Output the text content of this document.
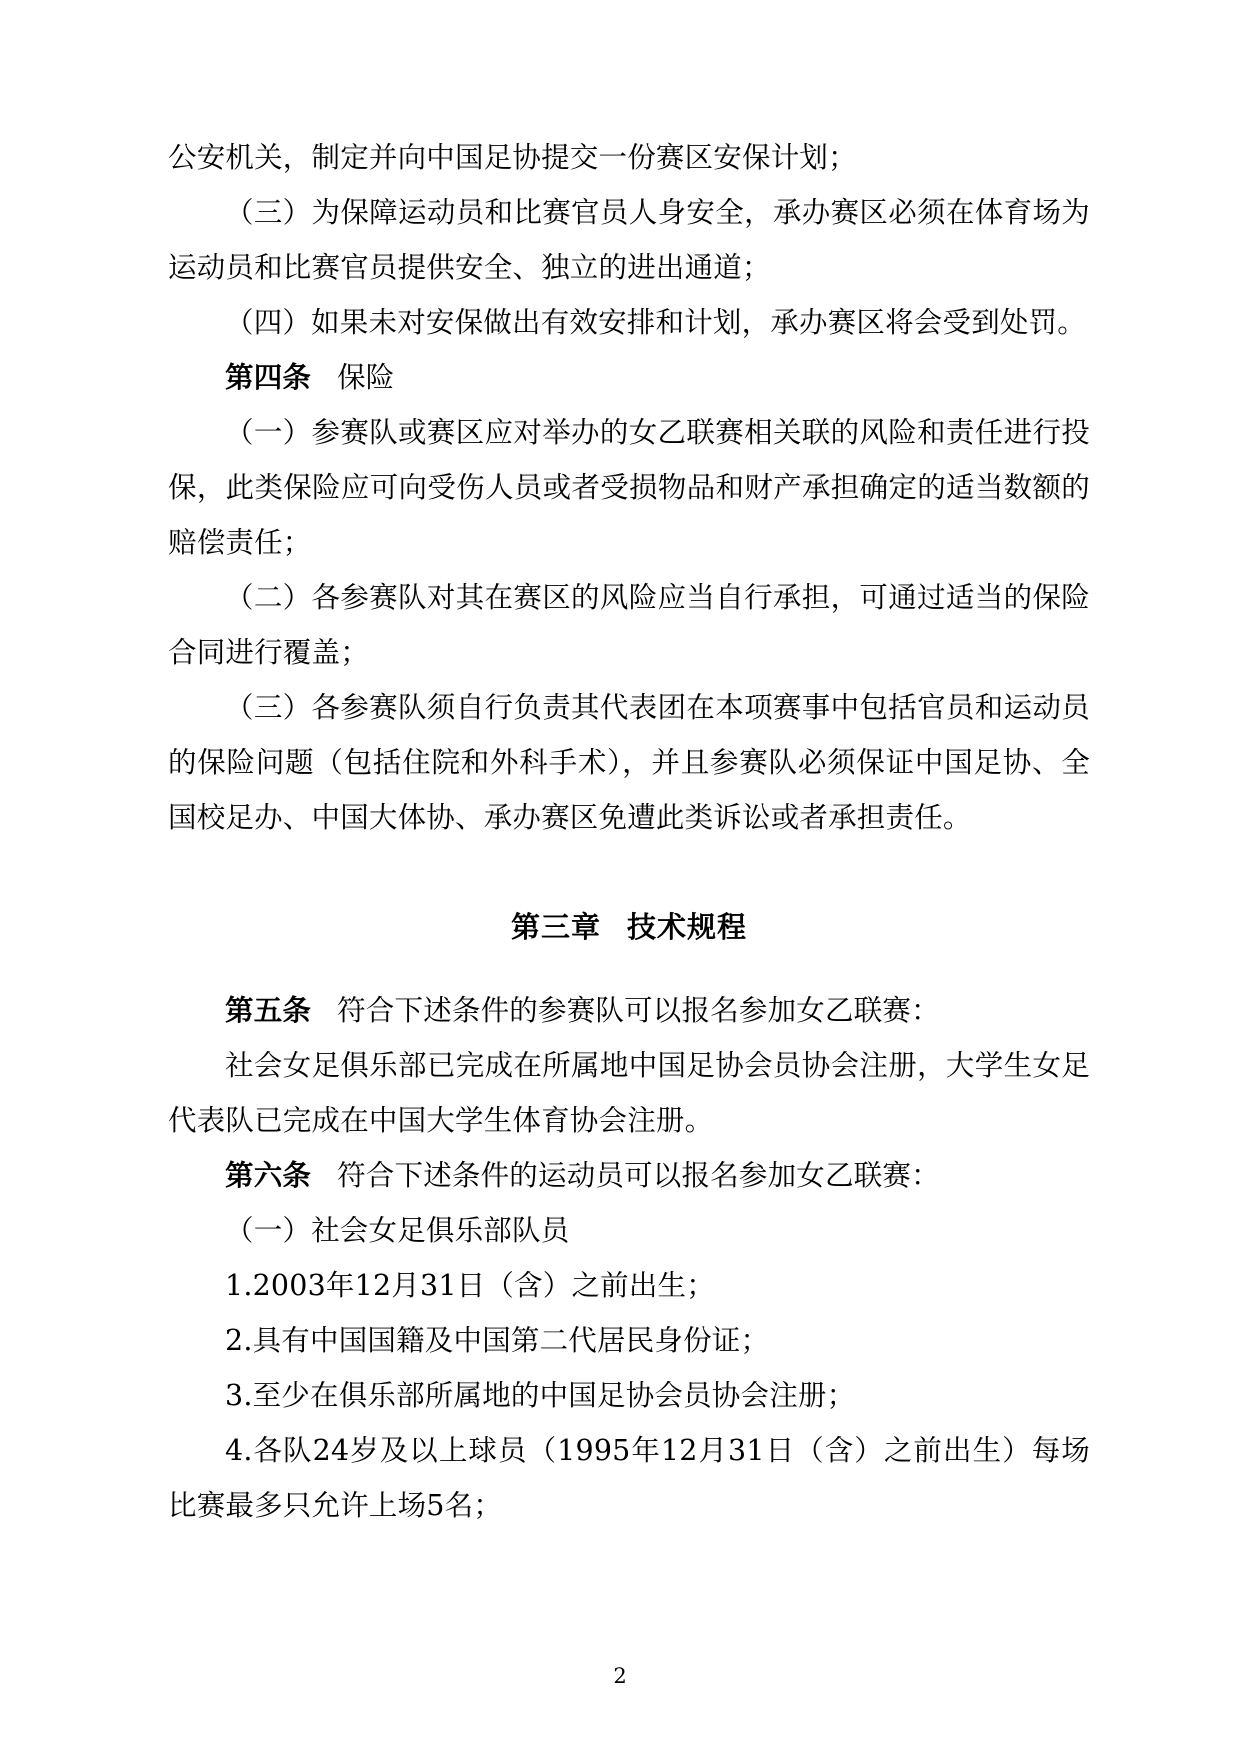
公安机关，制定并向中国足协提交一份赛区安保计划；

（三）为保障运动员和比赛官员人身安全，承办赛区必须在体育场为运动员和比赛官员提供安全、独立的进出通道；

（四）如果未对安保做出有效安排和计划，承办赛区将会受到处罚。

第四条 保险

（一）参赛队或赛区应对举办的女乙联赛相关联的风险和责任进行投保，此类保险应可向受伤人员或者受损物品和财产承担确定的适当数额的赔偿责任；

（二）各参赛队对其在赛区的风险应当自行承担，可通过适当的保险合同进行覆盖；

（三）各参赛队须自行负责其代表团在本项赛事中包括官员和运动员的保险问题（包括住院和外科手术），并且参赛队必须保证中国足协、全国校足办、中国大体协、承办赛区免遭此类诉讼或者承担责任。

第三章 技术规程

第五条 符合下述条件的参赛队可以报名参加女乙联赛：

社会女足俱乐部已完成在所属地中国足协会员协会注册，大学生女足代表队已完成在中国大学生体育协会注册。

第六条 符合下述条件的运动员可以报名参加女乙联赛：

（一）社会女足俱乐部队员

1.2003年12月31日（含）之前出生；

2.具有中国国籍及中国第二代居民身份证；

3.至少在俱乐部所属地的中国足协会员协会注册；

4.各队24岁及以上球员（1995年12月31日（含）之前出生）每场比赛最多只允许上场5名；

2
